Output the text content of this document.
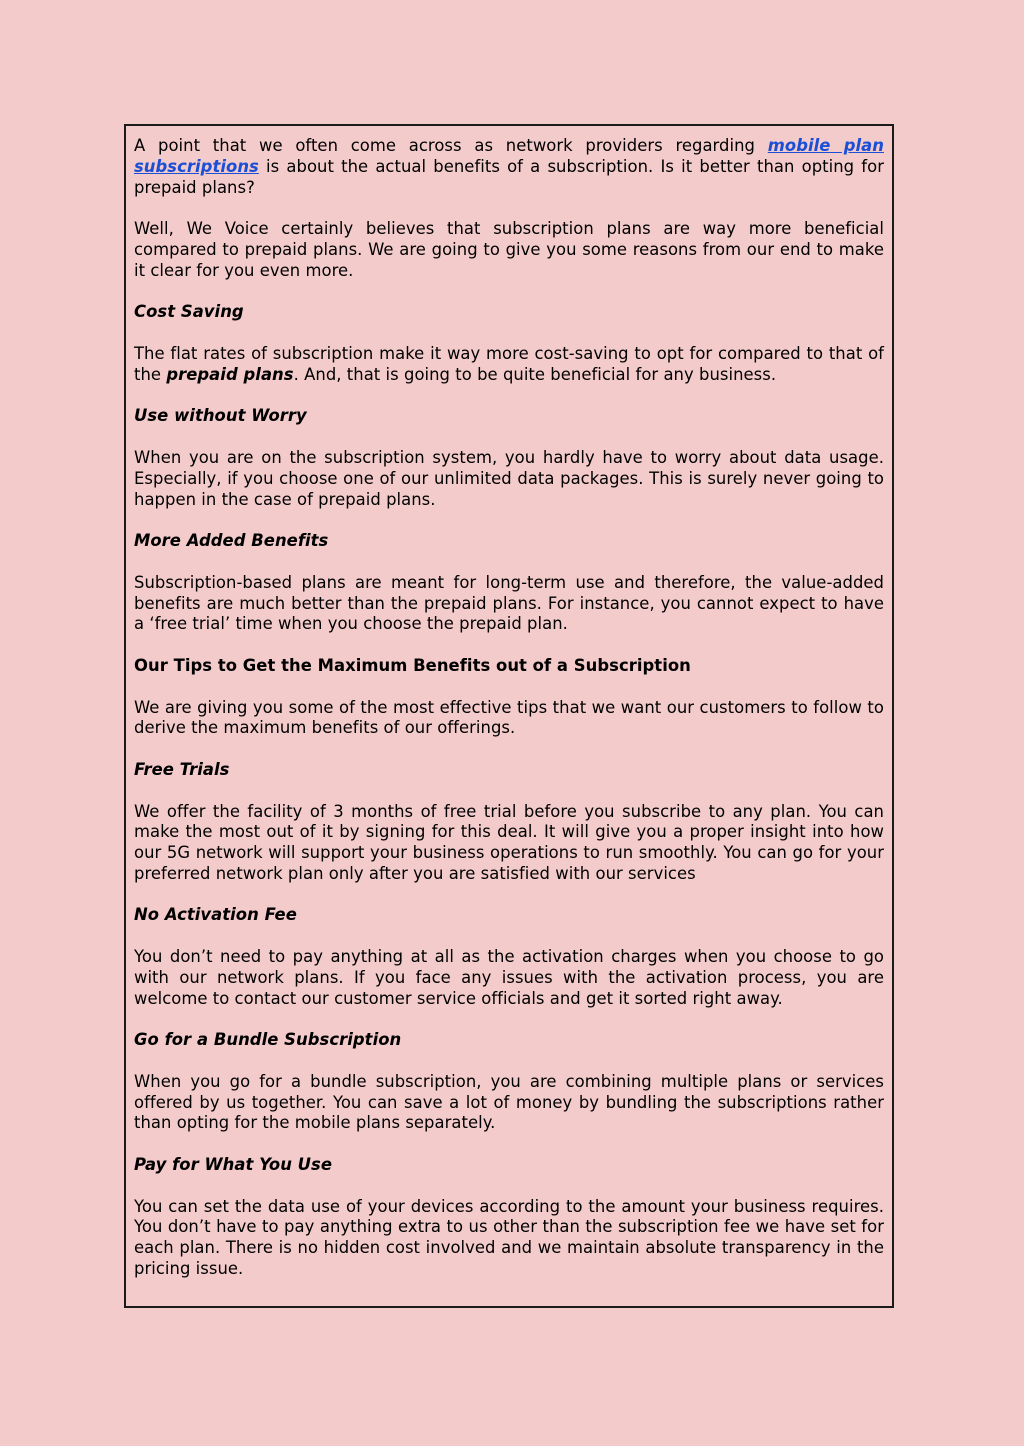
A point that we often come across as network providers regarding mobile plan subscriptions is about the actual benefits of a subscription. Is it better than opting for prepaid plans?

Well, We Voice certainly believes that subscription plans are way more beneficial compared to prepaid plans. We are going to give you some reasons from our end to make it clear for you even more.

Cost Saving

The flat rates of subscription make it way more cost-saving to opt for compared to that of the prepaid plans. And, that is going to be quite beneficial for any business.

Use without Worry

When you are on the subscription system, you hardly have to worry about data usage. Especially, if you choose one of our unlimited data packages. This is surely never going to happen in the case of prepaid plans.

More Added Benefits

Subscription-based plans are meant for long-term use and therefore, the value-added benefits are much better than the prepaid plans. For instance, you cannot expect to have a ‘free trial’ time when you choose the prepaid plan.

Our Tips to Get the Maximum Benefits out of a Subscription

We are giving you some of the most effective tips that we want our customers to follow to derive the maximum benefits of our offerings.

Free Trials

We offer the facility of 3 months of free trial before you subscribe to any plan. You can make the most out of it by signing for this deal. It will give you a proper insight into how our 5G network will support your business operations to run smoothly. You can go for your preferred network plan only after you are satisfied with our services

No Activation Fee

You don’t need to pay anything at all as the activation charges when you choose to go with our network plans. If you face any issues with the activation process, you are welcome to contact our customer service officials and get it sorted right away.

Go for a Bundle Subscription

When you go for a bundle subscription, you are combining multiple plans or services offered by us together. You can save a lot of money by bundling the subscriptions rather than opting for the mobile plans separately.

Pay for What You Use

You can set the data use of your devices according to the amount your business requires. You don’t have to pay anything extra to us other than the subscription fee we have set for each plan. There is no hidden cost involved and we maintain absolute transparency in the pricing issue.
